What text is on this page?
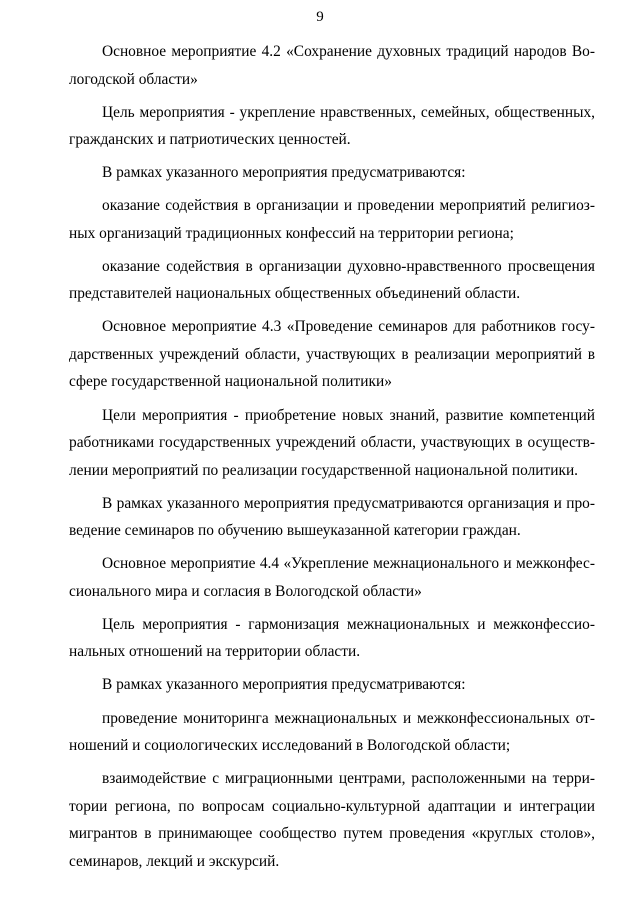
9

Основное мероприятие 4.2 «Сохранение духовных традиций народов Вологодской области»

Цель мероприятия - укрепление нравственных, семейных, общественных, гражданских и патриотических ценностей.

В рамках указанного мероприятия предусматриваются:

оказание содействия в организации и проведении мероприятий религиозных организаций традиционных конфессий на территории региона;

оказание содействия в организации духовно-нравственного просвещения представителей национальных общественных объединений области.

Основное мероприятие 4.3 «Проведение семинаров для работников государственных учреждений области, участвующих в реализации мероприятий в сфере государственной национальной политики»

Цели мероприятия - приобретение новых знаний, развитие компетенций работниками государственных учреждений области, участвующих в осуществлении мероприятий по реализации государственной национальной политики.

В рамках указанного мероприятия предусматриваются организация и проведение семинаров по обучению вышеуказанной категории граждан.

Основное мероприятие 4.4 «Укрепление межнационального и межконфессионального мира и согласия в Вологодской области»

Цель мероприятия - гармонизация межнациональных и межконфессиональных отношений на территории области.

В рамках указанного мероприятия предусматриваются:

проведение мониторинга межнациональных и межконфессиональных отношений и социологических исследований в Вологодской области;

взаимодействие с миграционными центрами, расположенными на территории региона, по вопросам социально-культурной адаптации и интеграции мигрантов в принимающее сообщество путем проведения «круглых столов», семинаров, лекций и экскурсий.
